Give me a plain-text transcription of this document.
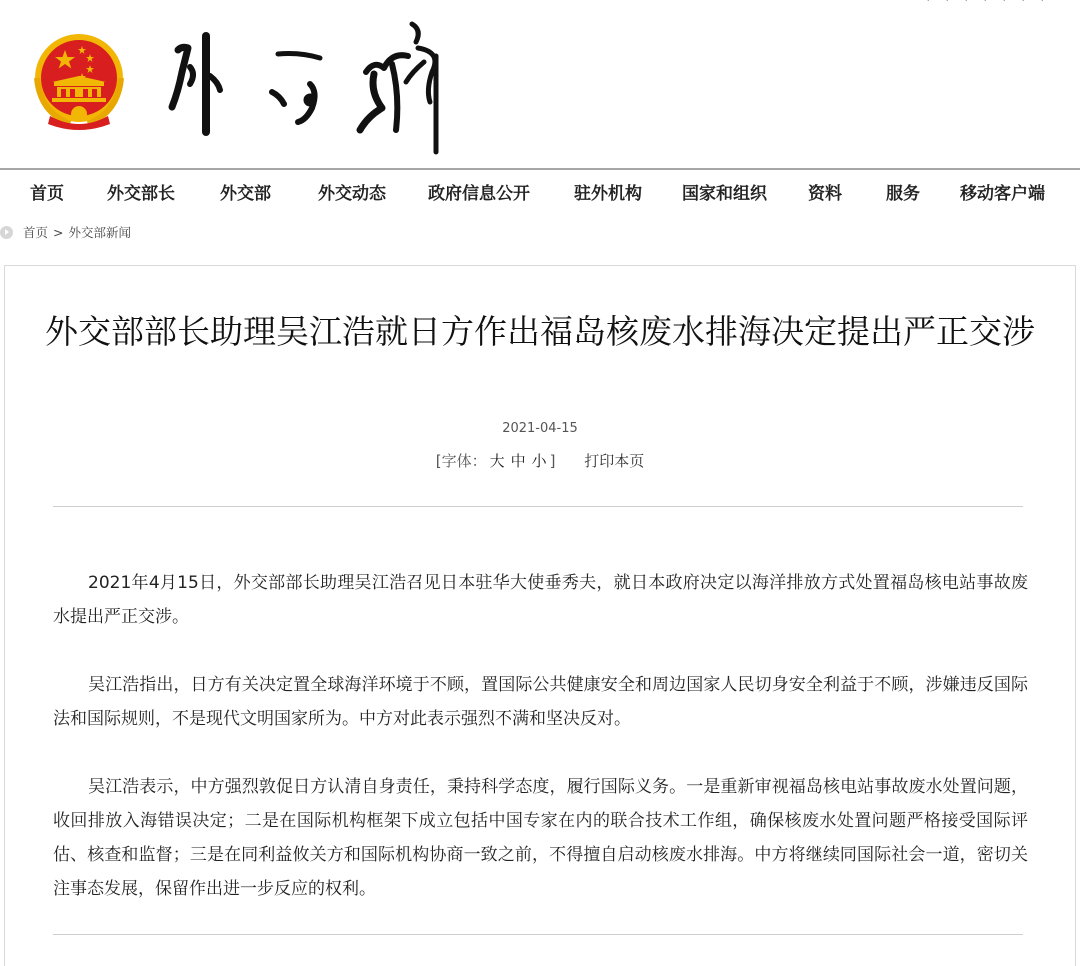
· · · · · · ·
首页	外交部长	外交部	外交动态 政府信息公开	驻外机构 国家和组织 资料	服务 移动客户端
首页 > 外交部新闻
外交部部长助理吴江浩就日方作出福岛核废水排海决定提出严正交涉
2021-04-15
[字体： 大 中 小 ] 打印本页

2021年4月15日，外交部部长助理吴江浩召见日本驻华大使垂秀夫，就日本政府决定以海洋排放方式处置福岛核电站事故废水提出严正交涉。

吴江浩指出，日方有关决定置全球海洋环境于不顾，置国际公共健康安全和周边国家人民切身安全利益于不顾，涉嫌违反国际法和国际规则，不是现代文明国家所为。中方对此表示强烈不满和坚决反对。

吴江浩表示，中方强烈敦促日方认清自身责任，秉持科学态度，履行国际义务。一是重新审视福岛核电站事故废水处置问题，收回排放入海错误决定；二是在国际机构框架下成立包括中国专家在内的联合技术工作组，确保核废水处置问题严格接受国际评估、核查和监督；三是在同利益攸关方和国际机构协商一致之前，不得擅自启动核废水排海。中方将继续同国际社会一道，密切关注事态发展，保留作出进一步反应的权利。
